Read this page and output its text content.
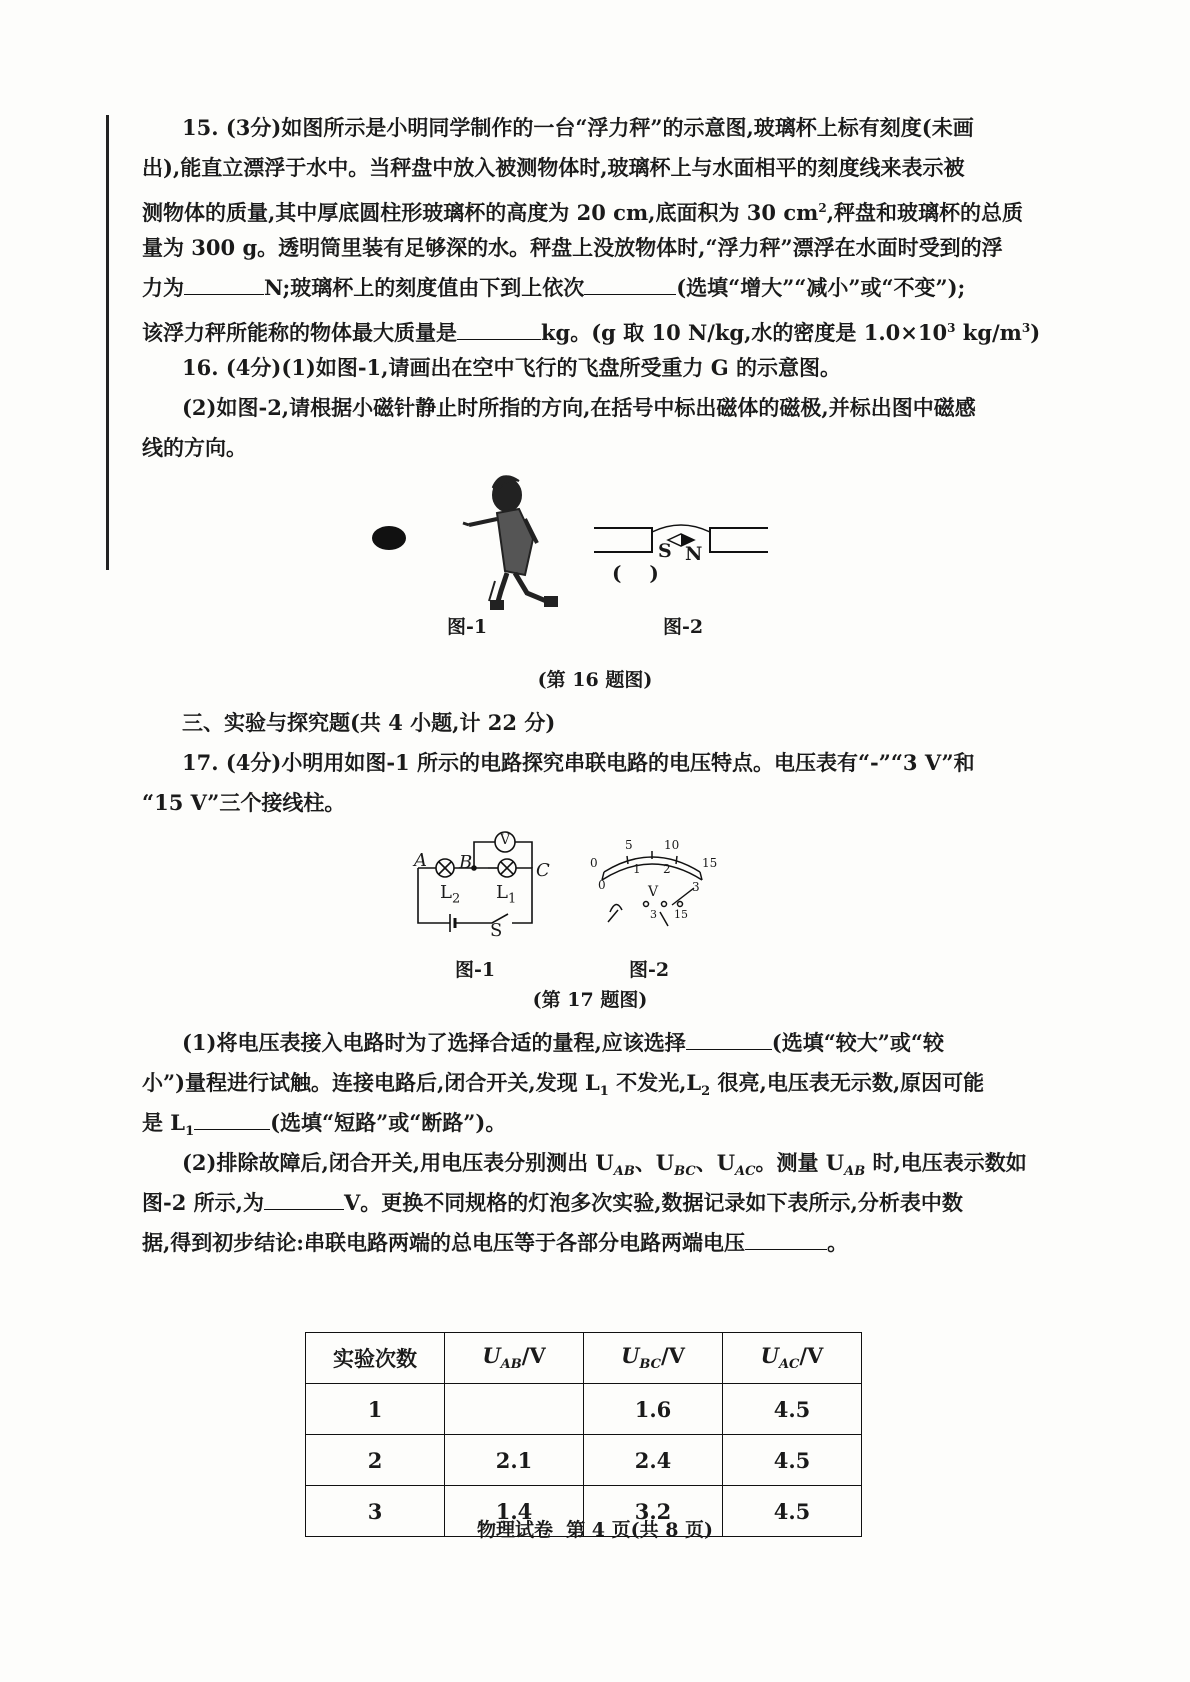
15. (3分)如图所示是小明同学制作的一台“浮力秤”的示意图,玻璃杯上标有刻度(未画
出),能直立漂浮于水中。当秤盘中放入被测物体时,玻璃杯上与水面相平的刻度线来表示被
测物体的质量,其中厚底圆柱形玻璃杯的高度为 20 cm,底面积为 30 $cm^2$,秤盘和玻璃杯的总质
量为 300 g。透明筒里装有足够深的水。秤盘上没放物体时,“浮力秤”漂浮在水面时受到的浮
力为	N;玻璃杯上的刻度值由下到上依次	(选填“增大”“减小”或“不变”);
该浮力秤所能称的物体最大质量是	kg。(g 取 10 N/kg,水的密度是 $1.0\times 10^3$ $kg/m^3$)
16. (4分)(1)如图-1,请画出在空中飞行的飞盘所受重力 G 的示意图。
(2)如图-2,请根据小磁针静止时所指的方向,在括号中标出磁体的磁极,并标出图中磁感
线的方向。
图-1
S N
(    )
图-2
(第 16 题图)
三、实验与探究题(共 4 小题,计 22 分)
17. (4分)小明用如图-1 所示的电路探究串联电路的电压特点。电压表有“-”“3 V”和
“15 V”三个接线柱。
A B	C
V
$L_2$ $L_1$
S
0
5	10
15
0
1 2
3
V
3 15
图-1	图-2
(第 17 题图)
(1)将电压表接入电路时为了选择合适的量程,应该选择	(选填“较大”或“较
小”)量程进行试触。连接电路后,闭合开关,发现 $L_1$ 不发光$,L_2$ 很亮,电压表无示数,原因可能
是 $L_1$	(选填“短路”或“断路”)。
(2)排除故障后,闭合开关,用电压表分别测出 $U_{AB}$、$U_{BC}$、$U_{AC}$。测量 $U_{AB}$ 时,电压表示数如
图-2 所示,为	V。更换不同规格的灯泡多次实验,数据记录如下表所示,分析表中数
据,得到初步结论:串联电路两端的总电压等于各部分电路两端电压	。
实验次数	$U_{AB}/V$	$U_{BC}/V$	$U_{AC}/V$
1		1.6	4.5
2	2.1	2.4	4.5
3	1.4	3.2	4.5
物理试卷  第 4 页(共 8 页)
